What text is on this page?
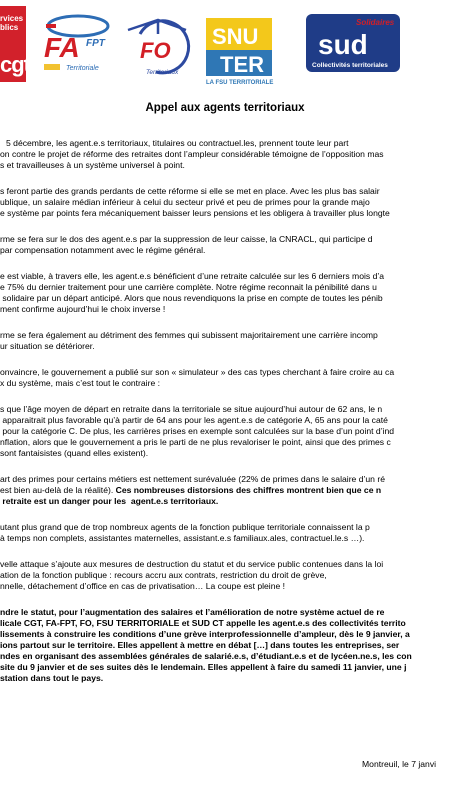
rvices
blics
cgt
FA FPT
Territoriale
FO
Territoriaux
SNU
TER
LA FSU TERRITORIALE
Solidaires
sud
Collectivités territoriales
Appel aux agents territoriaux
5 décembre, les agent.e.s territoriaux, titulaires ou contractuel.les, prennent toute leur part
on contre le projet de réforme des retraites dont l’ampleur considérable témoigne de l’opposition mas
s et travailleuses à un système universel à point.
s feront partie des grands perdants de cette réforme si elle se met en place. Avec les plus bas salair
ublique, un salaire médian inférieur à celui du secteur privé et peu de primes pour la grande majo
e système par points fera mécaniquement baisser leurs pensions et les obligera à travailler plus longte
rme se fera sur le dos des agent.e.s par la suppression de leur caisse, la CNRACL, qui participe d
par compensation notamment avec le régime général.
e est viable, à travers elle, les agent.e.s bénéficient d’une retraite calculée sur les 6 derniers mois d’a
e 75% du dernier traitement pour une carrière complète. Notre régime reconnait la pénibilité dans u
solidaire par un départ anticipé. Alors que nous revendiquons la prise en compte de toutes les pénib
ment confirme aujourd’hui le choix inverse !
rme se fera également au détriment des femmes qui subissent majoritairement une carrière incomp
ur situation se détériorer.
onvaincre, le gouvernement a publié sur son « simulateur » des cas types cherchant à faire croire au ca
x du système, mais c’est tout le contraire :
s que l’âge moyen de départ en retraite dans la territoriale se situe aujourd’hui autour de 62 ans, le n
apparaitrait plus favorable qu’à partir de 64 ans pour les agent.e.s de catégorie A, 65 ans pour la caté
pour la catégorie C. De plus, les carrières prises en exemple sont calculées sur la base d’un point d’ind
nflation, alors que le gouvernement a pris le parti de ne plus revaloriser le point, ainsi que des primes c
sont fantaisistes (quand elles existent).
art des primes pour certains métiers est nettement surévaluée (22% de primes dans le salaire d’un ré
est bien au-delà de la réalité). Ces nombreuses distorsions des chiffres montrent bien que ce n
retraite est un danger pour les  agent.e.s territoriaux.
utant plus grand que de trop nombreux agents de la fonction publique territoriale connaissent la p
à temps non complets, assistantes maternelles, assistant.e.s familiaux.ales, contractuel.le.s …).
velle attaque s’ajoute aux mesures de destruction du statut et du service public contenues dans la loi
ation de la fonction publique : recours accru aux contrats, restriction du droit de grève,
nnelle, détachement d’office en cas de privatisation… La coupe est pleine !
ndre le statut, pour l’augmentation des salaires et l’amélioration de notre système actuel de re
licale CGT, FA-FPT, FO, FSU TERRITORIALE et SUD CT appelle les agent.e.s des collectivités territo
lissements à construire les conditions d’une grève interprofessionnelle d’ampleur, dès le 9 janvier, a
ions partout sur le territoire. Elles appellent à mettre en débat […] dans toutes les entreprises, ser
ndes en organisant des assemblées générales de salarié.e.s, d’étudiant.e.s et de lycéen.ne.s, les con
site du 9 janvier et de ses suites dès le lendemain. Elles appellent à faire du samedi 11 janvier, une j
station dans tout le pays.
Montreuil, le 7 janvi
